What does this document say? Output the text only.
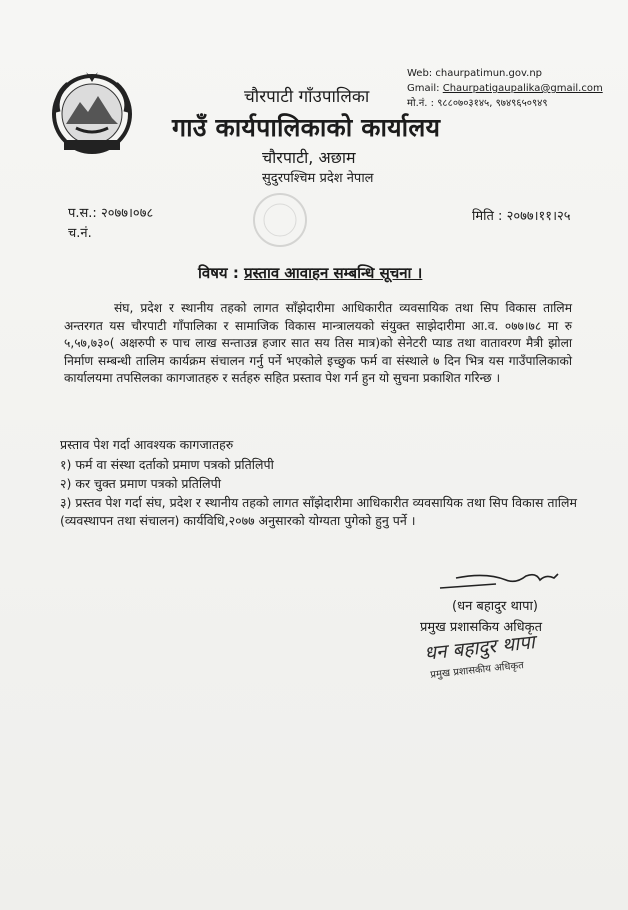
चौरपाटी गाँउपालिका
गाउँ कार्यपालिकाको कार्यालय
चौरपाटी, अछाम
सुदुरपश्चिम प्रदेश नेपाल
Web: chaurpatimun.gov.np
Gmail: Chaurpatigaupalika@gmail.com
मो.नं. : ९८८०७०३१४५, ९७४९६५०९४९
प.स.: २०७७।०७८
च.नं.
मिति : २०७७।११।२५
विषय : प्रस्ताव आवाहन सम्बन्धि सूचना ।
संघ, प्रदेश र स्थानीय तहको लागत साँझेदारीमा आधिकारीत व्यवसायिक तथा सिप विकास तालिम अन्तरगत यस चौरपाटी गाँपालिका र सामाजिक विकास मान्त्रालयको संयुक्त साझेदारीमा आ.व. ०७७।७८ मा रु ५,५७,७३०( अक्षरुपी रु पाच लाख सन्ताउन्न हजार सात सय तिस मात्र)को सेनेटरी प्याड तथा वातावरण मैत्री झोला निर्माण सम्बन्धी तालिम कार्यक्रम संचालन गर्नु पर्ने भएकोले इच्छुक फर्म वा संस्थाले ७ दिन भित्र यस गाउँपालिकाको कार्यालयमा तपसिलका कागजातहरु र सर्तहरु सहित प्रस्ताव पेश गर्न हुन यो सुचना प्रकाशित गरिन्छ ।
प्रस्ताव पेश गर्दा आवश्यक कागजातहरु
१) फर्म वा संस्था दर्ताको प्रमाण पत्रको प्रतिलिपी
२) कर चुक्त प्रमाण पत्रको प्रतिलिपी
३) प्रस्तव पेश गर्दा संघ, प्रदेश र स्थानीय तहको लागत साँझेदारीमा आधिकारीत व्यवसायिक तथा सिप विकास तालिम (व्यवस्थापन तथा संचालन) कार्यविधि,२०७७ अनुसारको योग्यता पुगेको हुनु पर्ने ।
(धन बहादुर थापा)
प्रमुख प्रशासकिय अधिकृत
धन बहादुर थापा
प्रमुख प्रशासकीय अधिकृत
